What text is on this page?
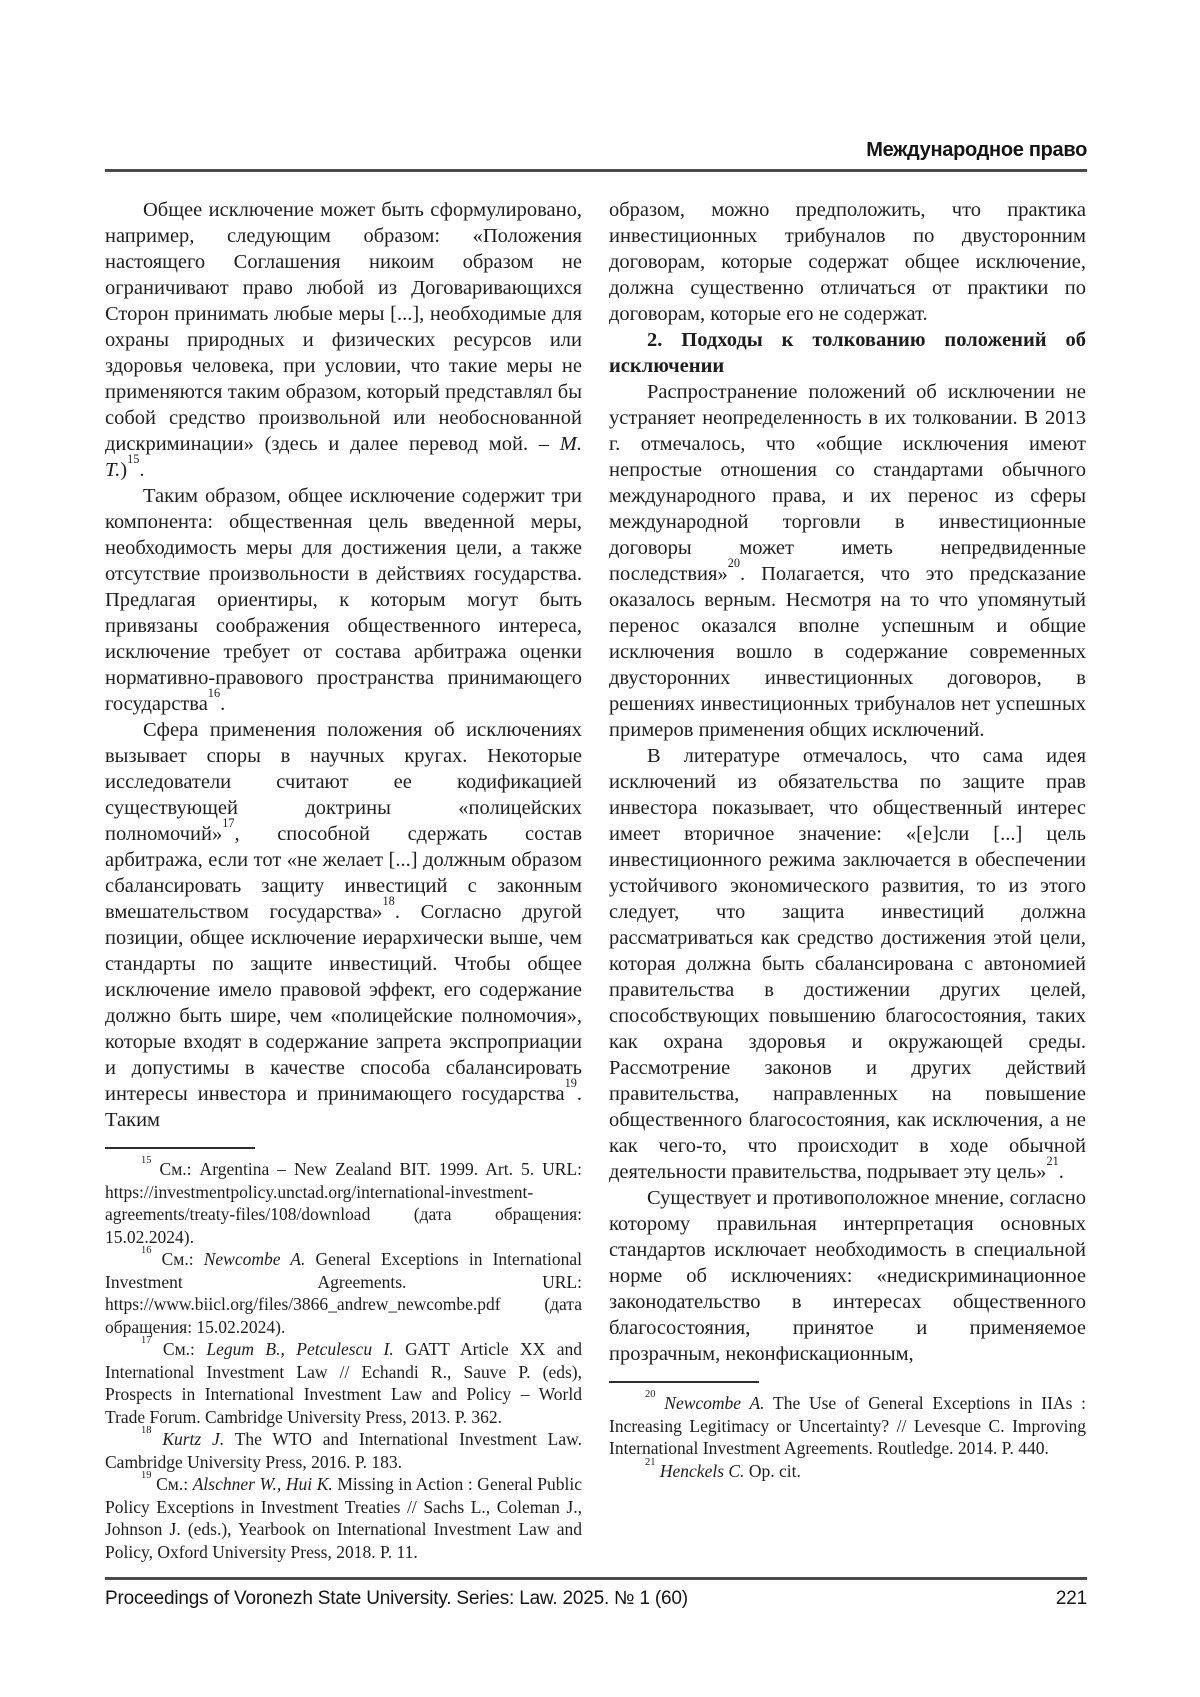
Международное право

Общее исключение может быть сформулировано, например, следующим образом: «Положения настоящего Соглашения никоим образом не ограничивают право любой из Договаривающихся Сторон принимать любые меры [...], необходимые для охраны природных и физических ресурсов или здоровья человека, при условии, что такие меры не применяются таким образом, который представлял бы собой средство произвольной или необоснованной дискриминации» (здесь и далее перевод мой. – М. Т.)$^{15}$.

Таким образом, общее исключение содержит три компонента: общественная цель введенной меры, необходимость меры для достижения цели, а также отсутствие произвольности в действиях государства. Предлагая ориентиры, к которым могут быть привязаны соображения общественного интереса, исключение требует от состава арбитража оценки нормативно-правового пространства принимающего государства$^{16}$.

Сфера применения положения об исключениях вызывает споры в научных кругах. Некоторые исследователи считают ее кодификацией существующей доктрины «полицейских полномочий»$^{17}$, способной сдержать состав арбитража, если тот «не желает [...] должным образом сбалансировать защиту инвестиций с законным вмешательством государства»$^{18}$. Согласно другой позиции, общее исключение иерархически выше, чем стандарты по защите инвестиций. Чтобы общее исключение имело правовой эффект, его содержание должно быть шире, чем «полицейские полномочия», которые входят в содержание запрета экспроприации и допустимы в качестве способа сбалансировать интересы инвестора и принимающего государства$^{19}$. Таким

$^{15}$ См.: Argentina – New Zealand BIT. 1999. Art. 5. URL: https://investmentpolicy.unctad.org/international-investment-agreements/treaty-files/108/download (дата обращения: 15.02.2024).

$^{16}$ См.: Newcombe A. General Exceptions in International Investment Agreements. URL: https://www.biicl.org/files/3866_andrew_newcombe.pdf (дата обращения: 15.02.2024).

$^{17}$ См.: Legum B., Petculescu I. GATT Article XX and International Investment Law // Echandi R., Sauve P. (eds), Prospects in International Investment Law and Policy – World Trade Forum. Cambridge University Press, 2013. P. 362.

$^{18}$ Kurtz J. The WTO and International Investment Law. Cambridge University Press, 2016. P. 183.

$^{19}$ См.: Alschner W., Hui K. Missing in Action : General Public Policy Exceptions in Investment Treaties // Sachs L., Coleman J., Johnson J. (eds.), Yearbook on International Investment Law and Policy, Oxford University Press, 2018. P. 11.

образом, можно предположить, что практика инвестиционных трибуналов по двусторонним договорам, которые содержат общее исключение, должна существенно отличаться от практики по договорам, которые его не содержат.

2. Подходы к толкованию положений об исключении

Распространение положений об исключении не устраняет неопределенность в их толковании. В 2013 г. отмечалось, что «общие исключения имеют непростые отношения со стандартами обычного международного права, и их перенос из сферы международной торговли в инвестиционные договоры может иметь непредвиденные последствия»$^{20}$. Полагается, что это предсказание оказалось верным. Несмотря на то что упомянутый перенос оказался вполне успешным и общие исключения вошло в содержание современных двусторонних инвестиционных договоров, в решениях инвестиционных трибуналов нет успешных примеров применения общих исключений.

В литературе отмечалось, что сама идея исключений из обязательства по защите прав инвестора показывает, что общественный интерес имеет вторичное значение: «[е]сли [...] цель инвестиционного режима заключается в обеспечении устойчивого экономического развития, то из этого следует, что защита инвестиций должна рассматриваться как средство достижения этой цели, которая должна быть сбалансирована с автономией правительства в достижении других целей, способствующих повышению благосостояния, таких как охрана здоровья и окружающей среды. Рассмотрение законов и других действий правительства, направленных на повышение общественного благосостояния, как исключения, а не как чего-то, что происходит в ходе обычной деятельности правительства, подрывает эту цель»$^{21}$.

Существует и противоположное мнение, согласно которому правильная интерпретация основных стандартов исключает необходимость в специальной норме об исключениях: «недискриминационное законодательство в интересах общественного благосостояния, принятое и применяемое прозрачным, неконфискационным,

$^{20}$ Newcombe A. The Use of General Exceptions in IIAs : Increasing Legitimacy or Uncertainty? // Levesque C. Improving International Investment Agreements. Routledge. 2014. P. 440.

$^{21}$ Henckels C. Op. cit.

Proceedings of Voronezh State University. Series: Law. 2025. № 1 (60)	221
